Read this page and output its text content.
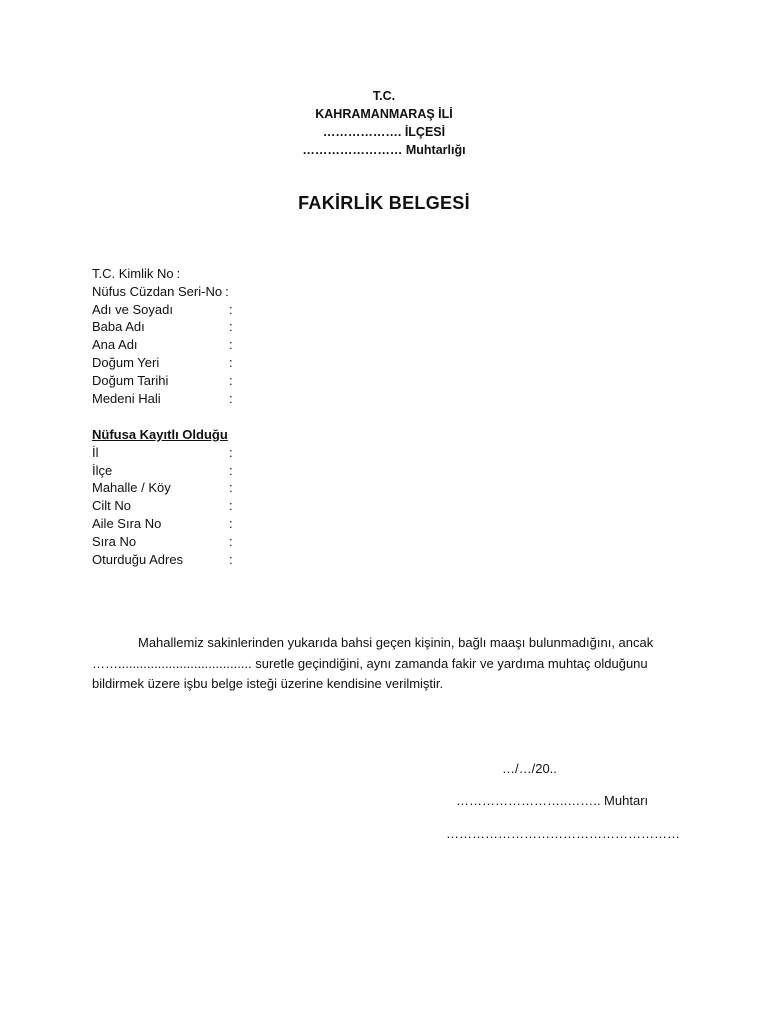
T.C.
KAHRAMANMARAŞ İLİ
………………. İLÇESİ
…………………… Muhtarlığı
FAKİRLİK BELGESİ
T.C. Kimlik No :
Nüfus Cüzdan Seri-No :
Adı ve Soyadı	:
Baba Adı	:
Ana Adı	:
Doğum Yeri	:
Doğum Tarihi	:
Medeni Hali	:
Nüfusa Kayıtlı Olduğu
İl	:
İlçe	:
Mahalle / Köy	:
Cilt No	:
Aile Sıra No	:
Sıra No	:
Oturduğu Adres	:
Mahallemiz sakinlerinden yukarıda bahsi geçen kişinin, bağlı maaşı bulunmadığını, ancak ……..................................... suretle geçindiğini, aynı zamanda fakir ve yardıma muhtaç olduğunu bildirmek üzere işbu belge isteği üzerine kendisine verilmiştir.
…/…/20..
……………………..…….. Muhtarı
………………………………………………
